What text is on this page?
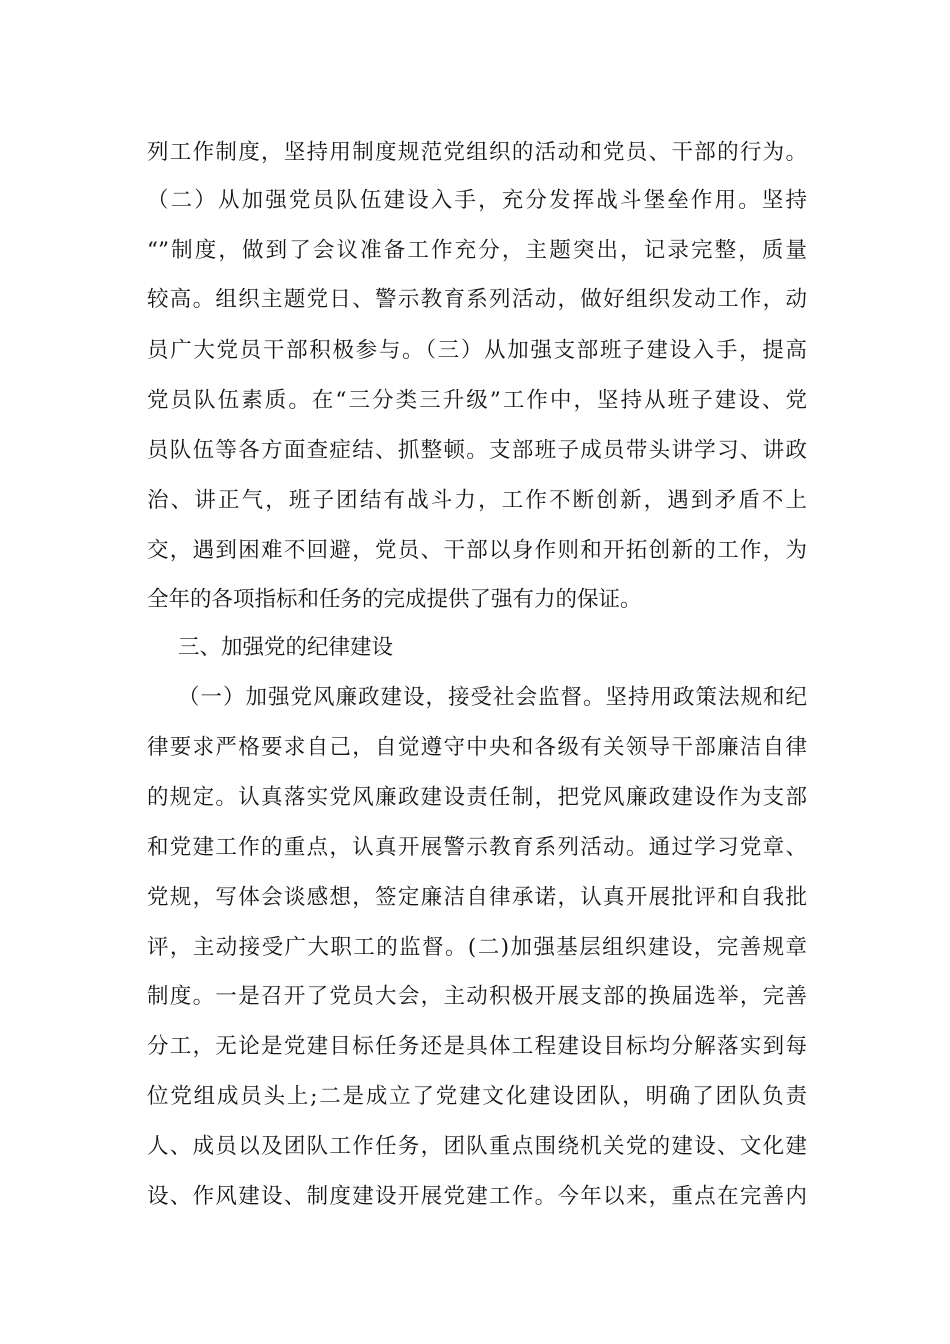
列工作制度，坚持用制度规范党组织的活动和党员、干部的行为。
（二）从加强党员队伍建设入手，充分发挥战斗堡垒作用。坚持
“”制度，做到了会议准备工作充分，主题突出，记录完整，质量
较高。组织主题党日、警示教育系列活动，做好组织发动工作，动
员广大党员干部积极参与。（三）从加强支部班子建设入手，提高
党员队伍素质。在“三分类三升级”工作中，坚持从班子建设、党
员队伍等各方面查症结、抓整顿。支部班子成员带头讲学习、讲政
治、讲正气，班子团结有战斗力，工作不断创新，遇到矛盾不上
交，遇到困难不回避，党员、干部以身作则和开拓创新的工作，为
全年的各项指标和任务的完成提供了强有力的保证。
三、加强党的纪律建设
（一）加强党风廉政建设，接受社会监督。坚持用政策法规和纪
律要求严格要求自己，自觉遵守中央和各级有关领导干部廉洁自律
的规定。认真落实党风廉政建设责任制，把党风廉政建设作为支部
和党建工作的重点，认真开展警示教育系列活动。通过学习党章、
党规，写体会谈感想，签定廉洁自律承诺，认真开展批评和自我批
评，主动接受广大职工的监督。(二)加强基层组织建设，完善规章
制度。一是召开了党员大会，主动积极开展支部的换届选举，完善
分工，无论是党建目标任务还是具体工程建设目标均分解落实到每
位党组成员头上;二是成立了党建文化建设团队，明确了团队负责
人、成员以及团队工作任务，团队重点围绕机关党的建设、文化建
设、作风建设、制度建设开展党建工作。今年以来，重点在完善内
